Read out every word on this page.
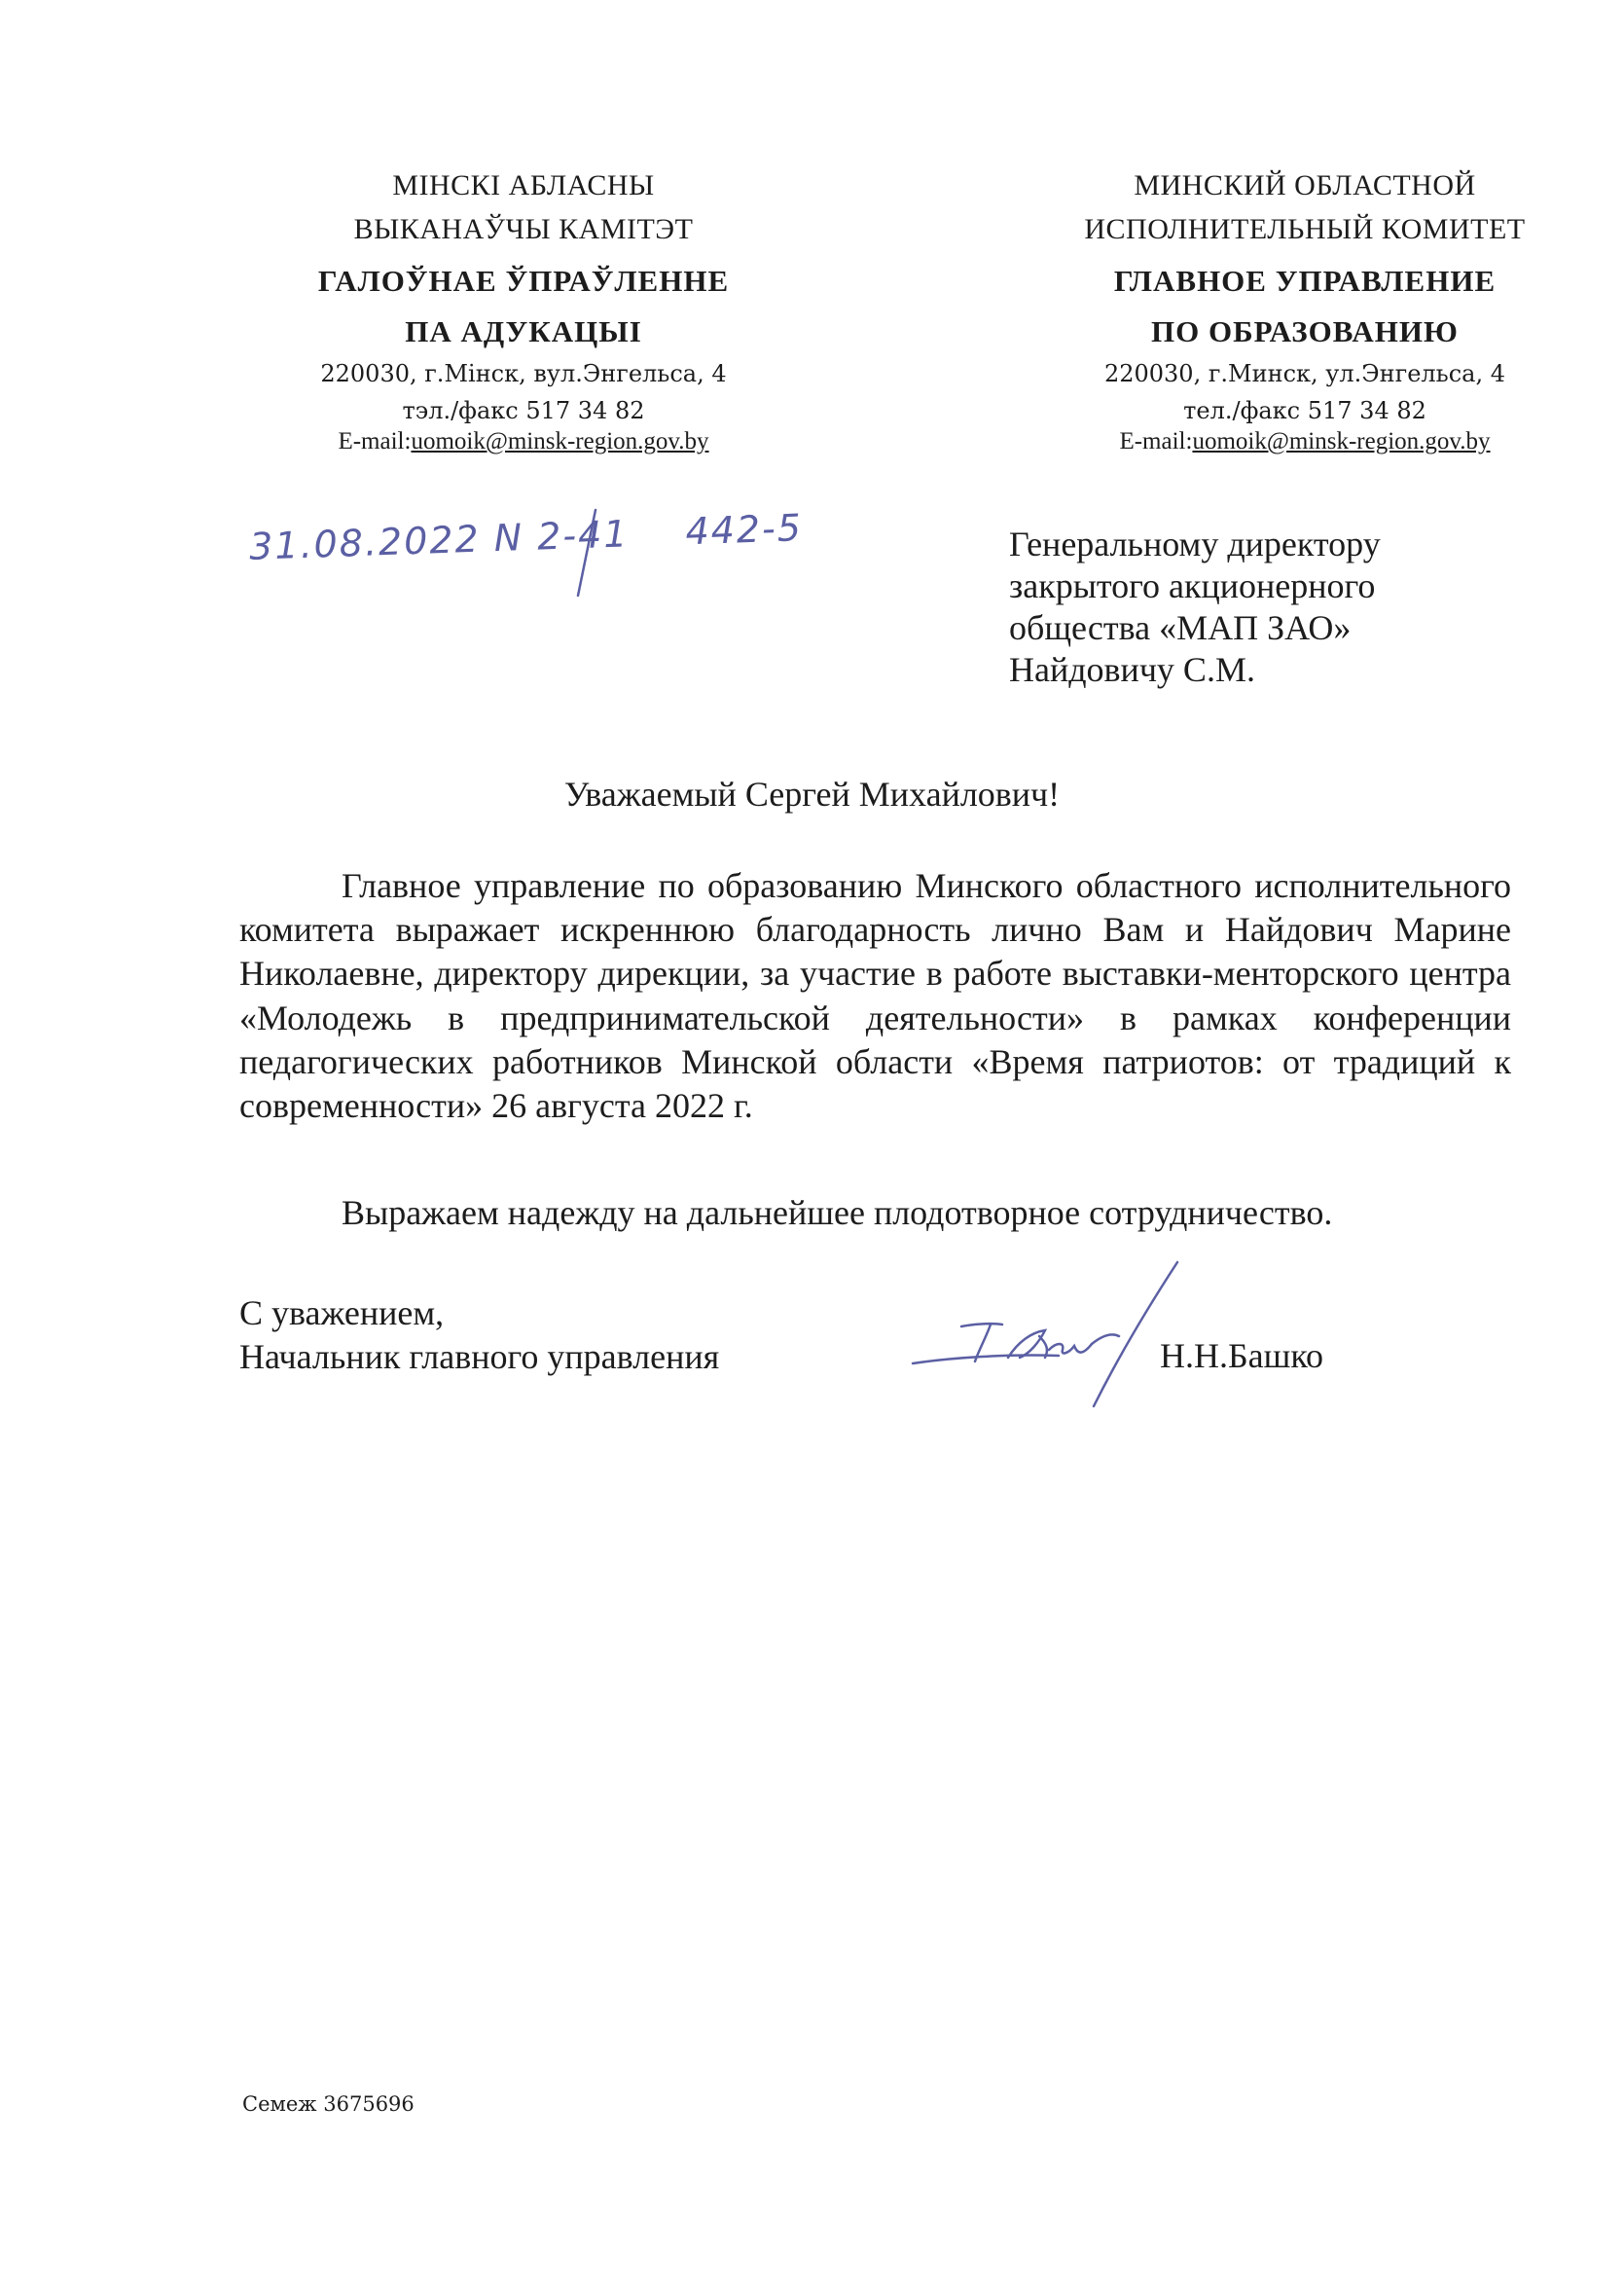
МІНСКІ АБЛАСНЫ
ВЫКАНАЎЧЫ КАМІТЭТ
ГАЛОЎНАЕ ЎПРАЎЛЕННЕ
ПА АДУКАЦЫІ
220030, г.Мінск, вул.Энгельса, 4
тэл./факс 517 34 82
E-mail:uomoik@minsk-region.gov.by
МИНСКИЙ ОБЛАСТНОЙ
ИСПОЛНИТЕЛЬНЫЙ КОМИТЕТ
ГЛАВНОЕ УПРАВЛЕНИЕ
ПО ОБРАЗОВАНИЮ
220030, г.Минск, ул.Энгельса, 4
тел./факс 517 34 82
E-mail:uomoik@minsk-region.gov.by
31.08.2022 N 2-41 442-5	Генеральному директору
закрытого акционерного
общества «МАП ЗАО»
Найдовичу С.М.
Уважаемый Сергей Михайлович!
Главное управление по образованию Минского областного исполнительного комитета выражает искреннюю благодарность лично Вам и Найдович Марине Николаевне, директору дирекции, за участие в работе выставки-менторского центра «Молодежь в предпринимательской деятельности» в рамках конференции педагогических работников Минской области «Время патриотов: от традиций к современности» 26 августа 2022 г.
Выражаем надежду на дальнейшее плодотворное сотрудничество.
С уважением,
Начальник главного управления	Н.Н.Башко
Семеж 3675696
